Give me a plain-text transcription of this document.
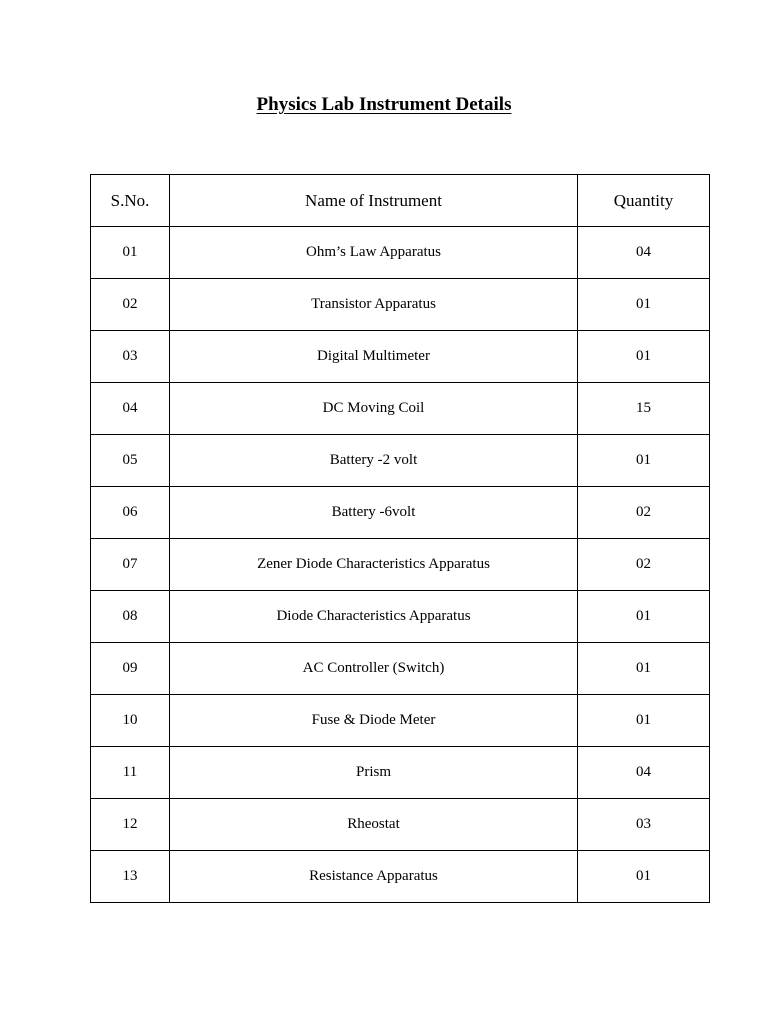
Physics Lab Instrument Details
S.No.	Name of Instrument	Quantity
01	Ohm’s Law Apparatus	04
02	Transistor Apparatus	01
03	Digital Multimeter	01
04	DC Moving Coil	15
05	Battery -2 volt	01
06	Battery -6volt	02
07	Zener Diode Characteristics Apparatus	02
08	Diode Characteristics Apparatus	01
09	AC Controller (Switch)	01
10	Fuse & Diode Meter	01
11	Prism	04
12	Rheostat	03
13	Resistance Apparatus	01
